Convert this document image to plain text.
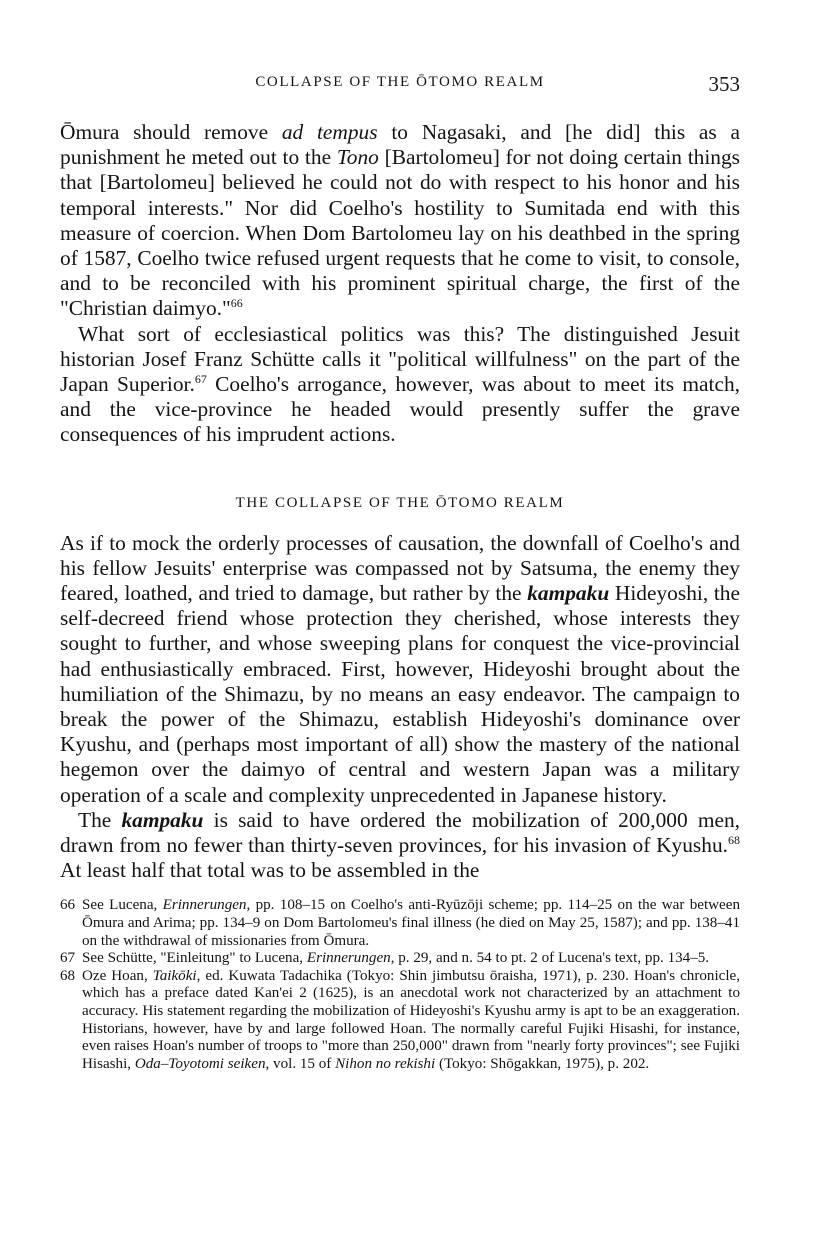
COLLAPSE OF THE ŌTOMO REALM	353

Ōmura should remove ad tempus to Nagasaki, and [he did] this as a punishment he meted out to the Tono [Bartolomeu] for not doing certain things that [Bartolomeu] believed he could not do with respect to his honor and his temporal interests." Nor did Coelho's hostility to Sumitada end with this measure of coercion. When Dom Bartolomeu lay on his deathbed in the spring of 1587, Coelho twice refused urgent requests that he come to visit, to console, and to be reconciled with his prominent spiritual charge, the first of the "Christian daimyo."$^{66}$

What sort of ecclesiastical politics was this? The distinguished Jesuit historian Josef Franz Schütte calls it "political willfulness" on the part of the Japan Superior.$^{67}$ Coelho's arrogance, however, was about to meet its match, and the vice-province he headed would presently suffer the grave consequences of his imprudent actions.

THE COLLAPSE OF THE ŌTOMO REALM

As if to mock the orderly processes of causation, the downfall of Coelho's and his fellow Jesuits' enterprise was compassed not by Satsuma, the enemy they feared, loathed, and tried to damage, but rather by the kampaku Hideyoshi, the self-decreed friend whose protection they cherished, whose interests they sought to further, and whose sweeping plans for conquest the vice-provincial had enthusiastically embraced. First, however, Hideyoshi brought about the humiliation of the Shimazu, by no means an easy endeavor. The campaign to break the power of the Shimazu, establish Hideyoshi's dominance over Kyushu, and (perhaps most important of all) show the mastery of the national hegemon over the daimyo of central and western Japan was a military operation of a scale and complexity unprecedented in Japanese history.

The kampaku is said to have ordered the mobilization of 200,000 men, drawn from no fewer than thirty-seven provinces, for his invasion of Kyushu.$^{68}$ At least half that total was to be assembled in the

66 See Lucena, Erinnerungen, pp. 108–15 on Coelho's anti-Ryūzōji scheme; pp. 114–25 on the war between Ōmura and Arima; pp. 134–9 on Dom Bartolomeu's final illness (he died on May 25, 1587); and pp. 138–41 on the withdrawal of missionaries from Ōmura.

67 See Schütte, "Einleitung" to Lucena, Erinnerungen, p. 29, and n. 54 to pt. 2 of Lucena's text, pp. 134–5.

68 Oze Hoan, Taikōki, ed. Kuwata Tadachika (Tokyo: Shin jimbutsu ōraisha, 1971), p. 230. Hoan's chronicle, which has a preface dated Kan'ei 2 (1625), is an anecdotal work not characterized by an attachment to accuracy. His statement regarding the mobilization of Hideyoshi's Kyushu army is apt to be an exaggeration. Historians, however, have by and large followed Hoan. The normally careful Fujiki Hisashi, for instance, even raises Hoan's number of troops to "more than 250,000" drawn from "nearly forty provinces"; see Fujiki Hisashi, Oda–Toyotomi seiken, vol. 15 of Nihon no rekishi (Tokyo: Shōgakkan, 1975), p. 202.
